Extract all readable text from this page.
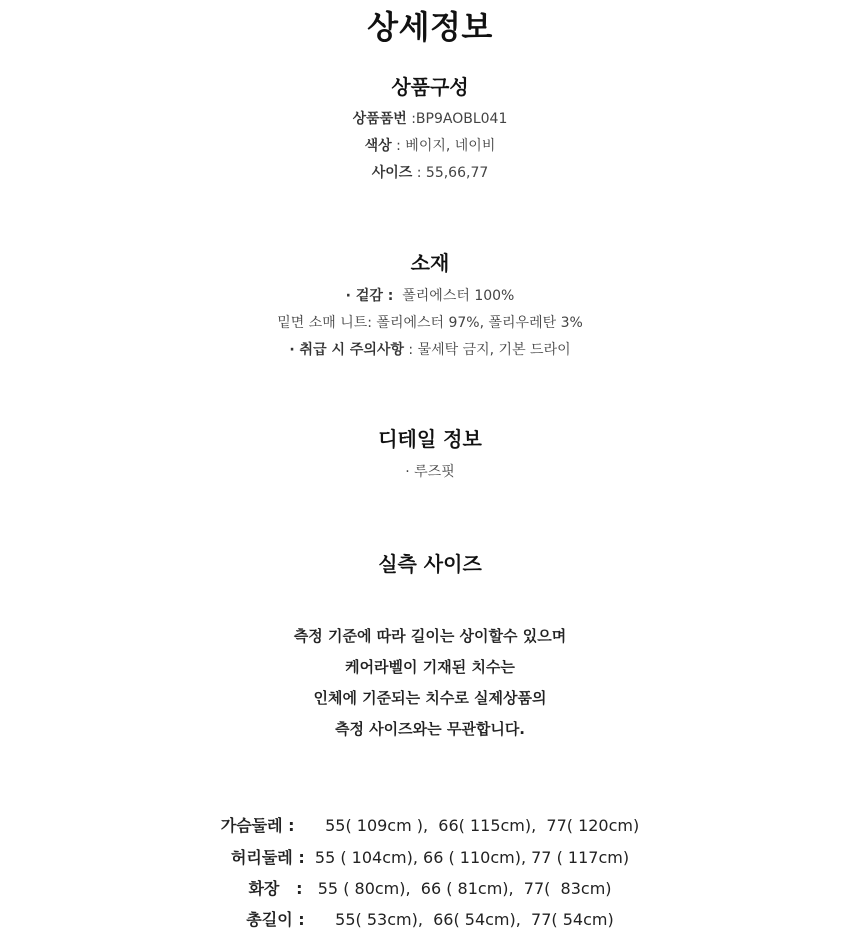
상세정보
상품구성
상품품번 :BP9AOBL041
색상 : 베이지, 네이비
사이즈 : 55,66,77
소재
· 겉감 :  폴리에스터 100%
밑면 소매 니트: 폴리에스터 97%, 폴리우레탄 3%
· 취급 시 주의사항 : 물세탁 금지, 기본 드라이
디테일 정보
· 루즈핏
실측 사이즈
측정 기준에 따라 길이는 상이할수 있으며
케어라벨이 기재된 치수는
인체에 기준되는 치수로 실제상품의
측정 사이즈와는 무관합니다.
가슴둘레 :      55( 109cm ),  66( 115cm),  77( 120cm)
허리둘레 :  55 ( 104cm), 66 ( 110cm), 77 ( 117cm)
화장   :   55 ( 80cm),  66 ( 81cm),  77(  83cm)
총길이 :      55( 53cm),  66( 54cm),  77( 54cm)
